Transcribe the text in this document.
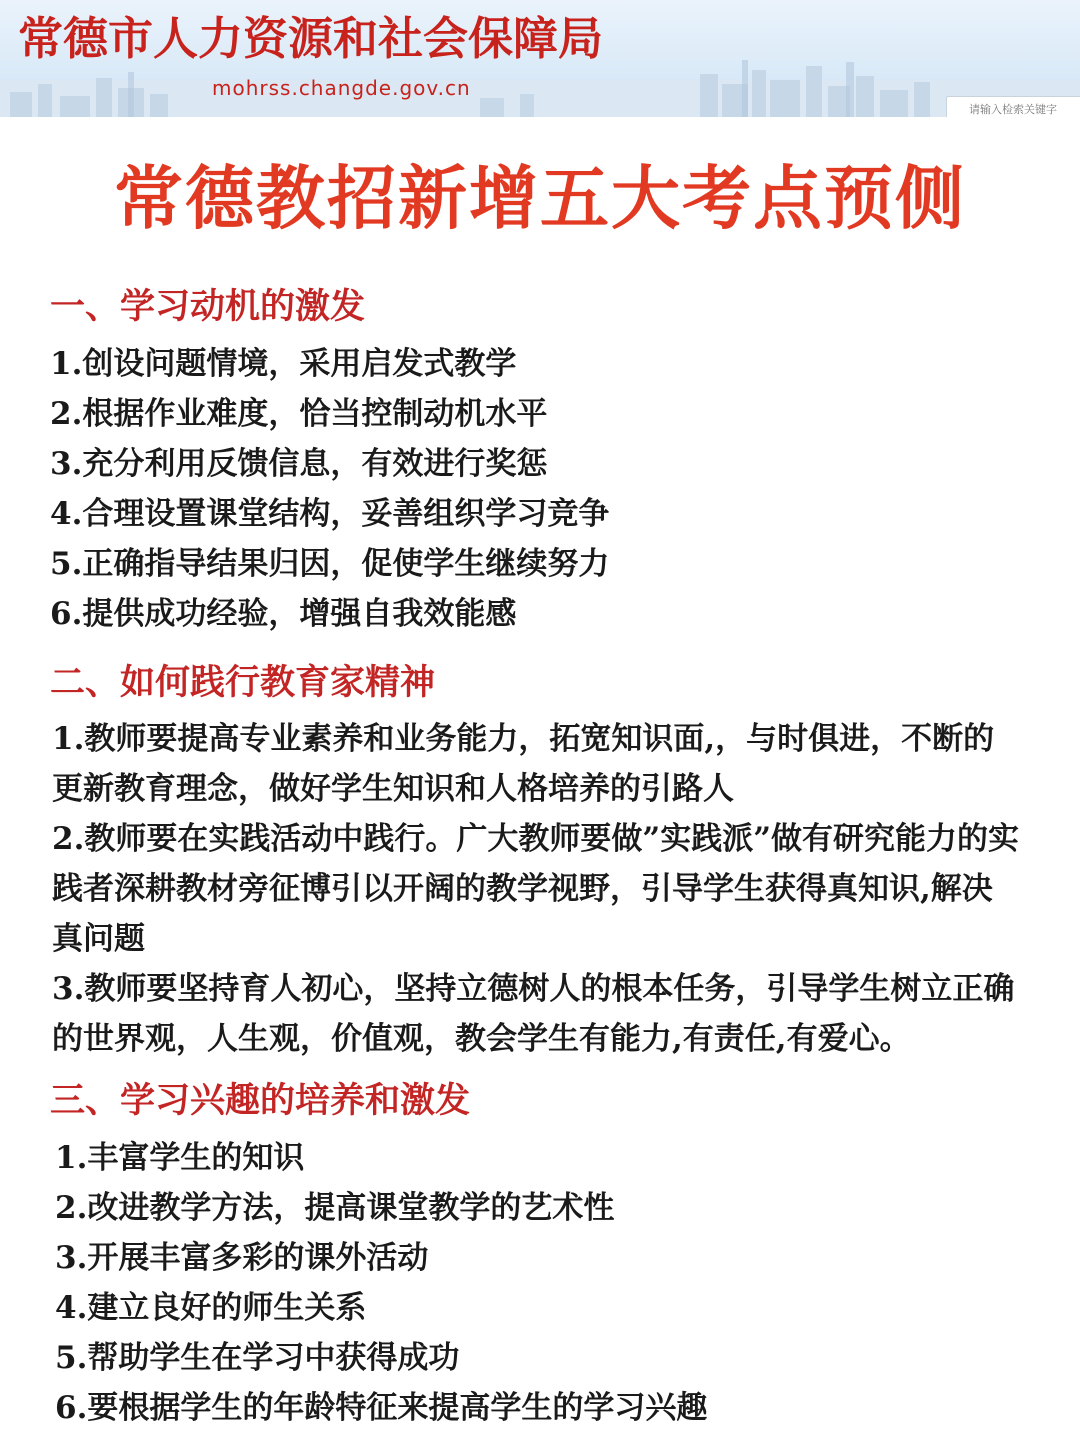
常德市人力资源和社会保障局
mohrss.changde.gov.cn
请输入检索关键字
常德教招新增五大考点预侧
一、学习动机的激发
1.创设问题情境，采用启发式教学
2.根据作业难度，恰当控制动机水平
3.充分利用反馈信息，有效进行奖惩
4.合理设置课堂结构，妥善组织学习竞争
5.正确指导结果归因，促使学生继续努力
6.提供成功经验，增强自我效能感
二、如何践行教育家精神
1.教师要提高专业素养和业务能力，拓宽知识面,，与时俱进，不断的更新教育理念，做好学生知识和人格培养的引路人
2.教师要在实践活动中践行。广大教师要做”实践派”做有研究能力的实践者深耕教材旁征博引以开阔的教学视野，引导学生获得真知识,解决真问题
3.教师要坚持育人初心，坚持立德树人的根本任务，引导学生树立正确的世界观，人生观，价值观，教会学生有能力,有责任,有爱心。
三、学习兴趣的培养和激发
1.丰富学生的知识
2.改进教学方法，提高课堂教学的艺术性
3.开展丰富多彩的课外活动
4.建立良好的师生关系
5.帮助学生在学习中获得成功
6.要根据学生的年龄特征来提高学生的学习兴趣
